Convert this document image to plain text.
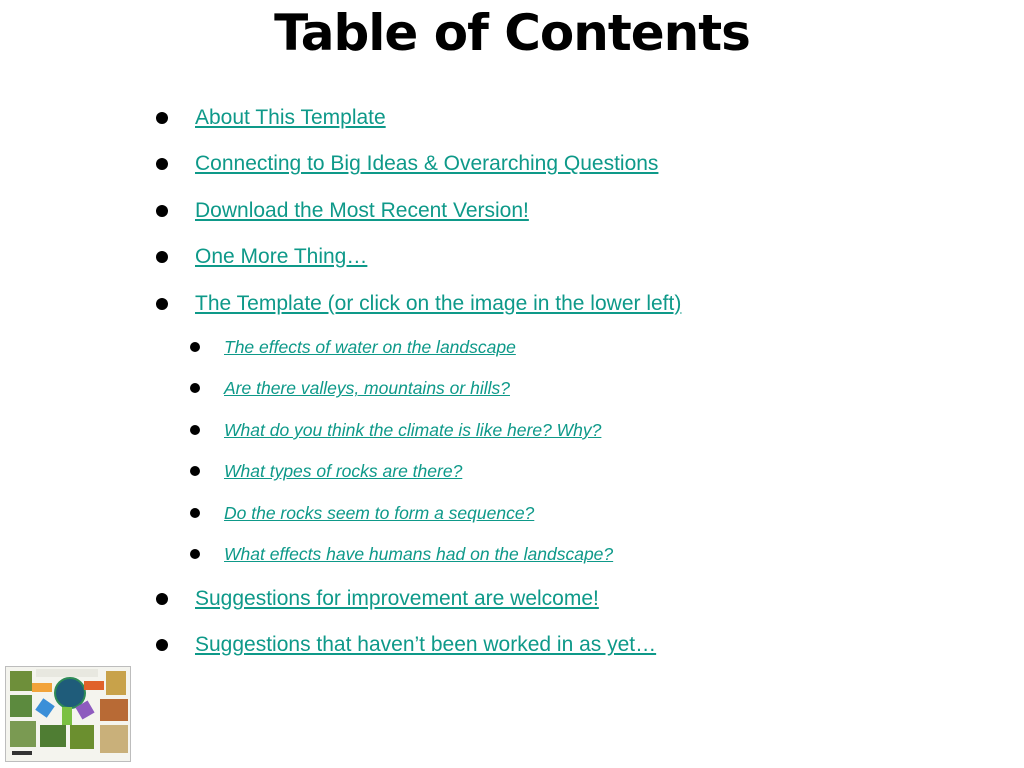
Table of Contents
About This Template
Connecting to Big Ideas & Overarching Questions
Download the Most Recent Version!
One More Thing…
The Template (or click on the image in the lower left)
The effects of water on the landscape
Are there valleys, mountains or hills?
What do you think the climate is like here? Why?
What types of rocks are there?
Do the rocks seem to form a sequence?
What effects have humans had on the landscape?
Suggestions for improvement are welcome!
Suggestions that haven’t been worked in as yet…
